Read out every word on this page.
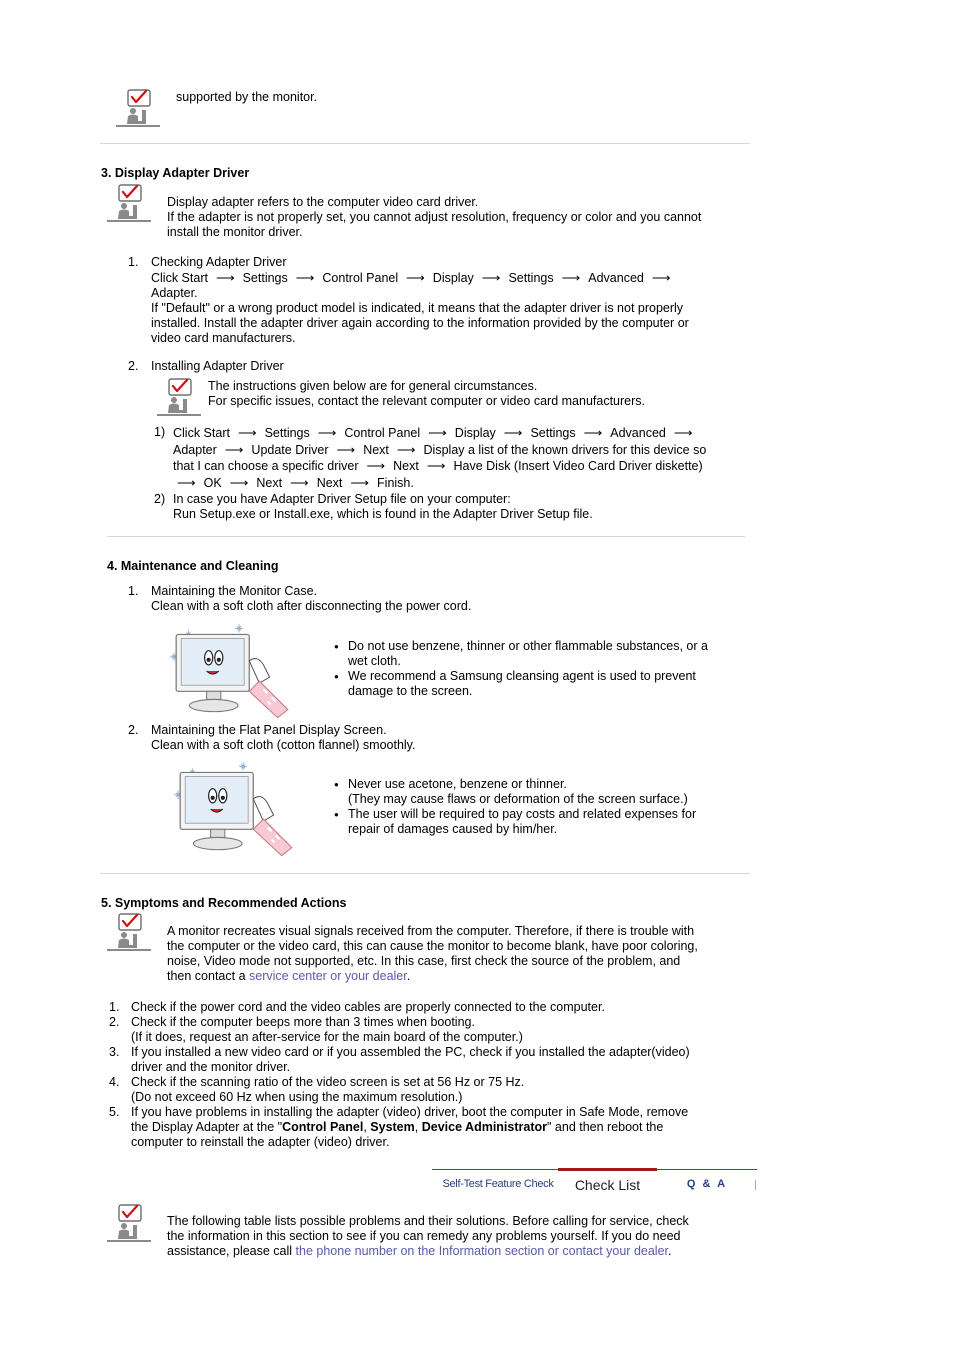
supported by the monitor.
3. Display Adapter Driver
Display adapter refers to the computer video card driver.
If the adapter is not properly set, you cannot adjust resolution, frequency or color and you cannot
install the monitor driver.
1. Checking Adapter Driver
Click Start ⟶ Settings ⟶ Control Panel ⟶ Display ⟶ Settings ⟶ Advanced ⟶
Adapter.
If "Default" or a wrong product model is indicated, it means that the adapter driver is not properly
installed. Install the adapter driver again according to the information provided by the computer or
video card manufacturers.
2. Installing Adapter Driver
The instructions given below are for general circumstances.
For specific issues, contact the relevant computer or video card manufacturers.
1) Click Start ⟶ Settings ⟶ Control Panel ⟶ Display ⟶ Settings ⟶ Advanced ⟶
Adapter ⟶ Update Driver ⟶ Next ⟶ Display a list of the known drivers for this device so
that I can choose a specific driver ⟶ Next ⟶ Have Disk (Insert Video Card Driver diskette)
⟶ OK ⟶ Next ⟶ Next ⟶ Finish.
2) In case you have Adapter Driver Setup file on your computer:
Run Setup.exe or Install.exe, which is found in the Adapter Driver Setup file.
4. Maintenance and Cleaning
1. Maintaining the Monitor Case.
Clean with a soft cloth after disconnecting the power cord.
● Do not use benzene, thinner or other flammable substances, or a
wet cloth.
● We recommend a Samsung cleansing agent is used to prevent
damage to the screen.
2. Maintaining the Flat Panel Display Screen.
Clean with a soft cloth (cotton flannel) smoothly.
● Never use acetone, benzene or thinner.
(They may cause flaws or deformation of the screen surface.)
● The user will be required to pay costs and related expenses for
repair of damages caused by him/her.
5. Symptoms and Recommended Actions
A monitor recreates visual signals received from the computer. Therefore, if there is trouble with
the computer or the video card, this can cause the monitor to become blank, have poor coloring,
noise, Video mode not supported, etc. In this case, first check the source of the problem, and
then contact a service center or your dealer.
1. Check if the power cord and the video cables are properly connected to the computer.
2. Check if the computer beeps more than 3 times when booting.
(If it does, request an after-service for the main board of the computer.)
3. If you installed a new video card or if you assembled the PC, check if you installed the adapter(video)
driver and the monitor driver.
4. Check if the scanning ratio of the video screen is set at 56 Hz or 75 Hz.
(Do not exceed 60 Hz when using the maximum resolution.)
5. If you have problems in installing the adapter (video) driver, boot the computer in Safe Mode, remove
the Display Adapter at the "Control Panel, System, Device Administrator" and then reboot the
computer to reinstall the adapter (video) driver.
Self-Test Feature Check	Check List	Q & A
The following table lists possible problems and their solutions. Before calling for service, check
the information in this section to see if you can remedy any problems yourself. If you do need
assistance, please call the phone number on the Information section or contact your dealer.
